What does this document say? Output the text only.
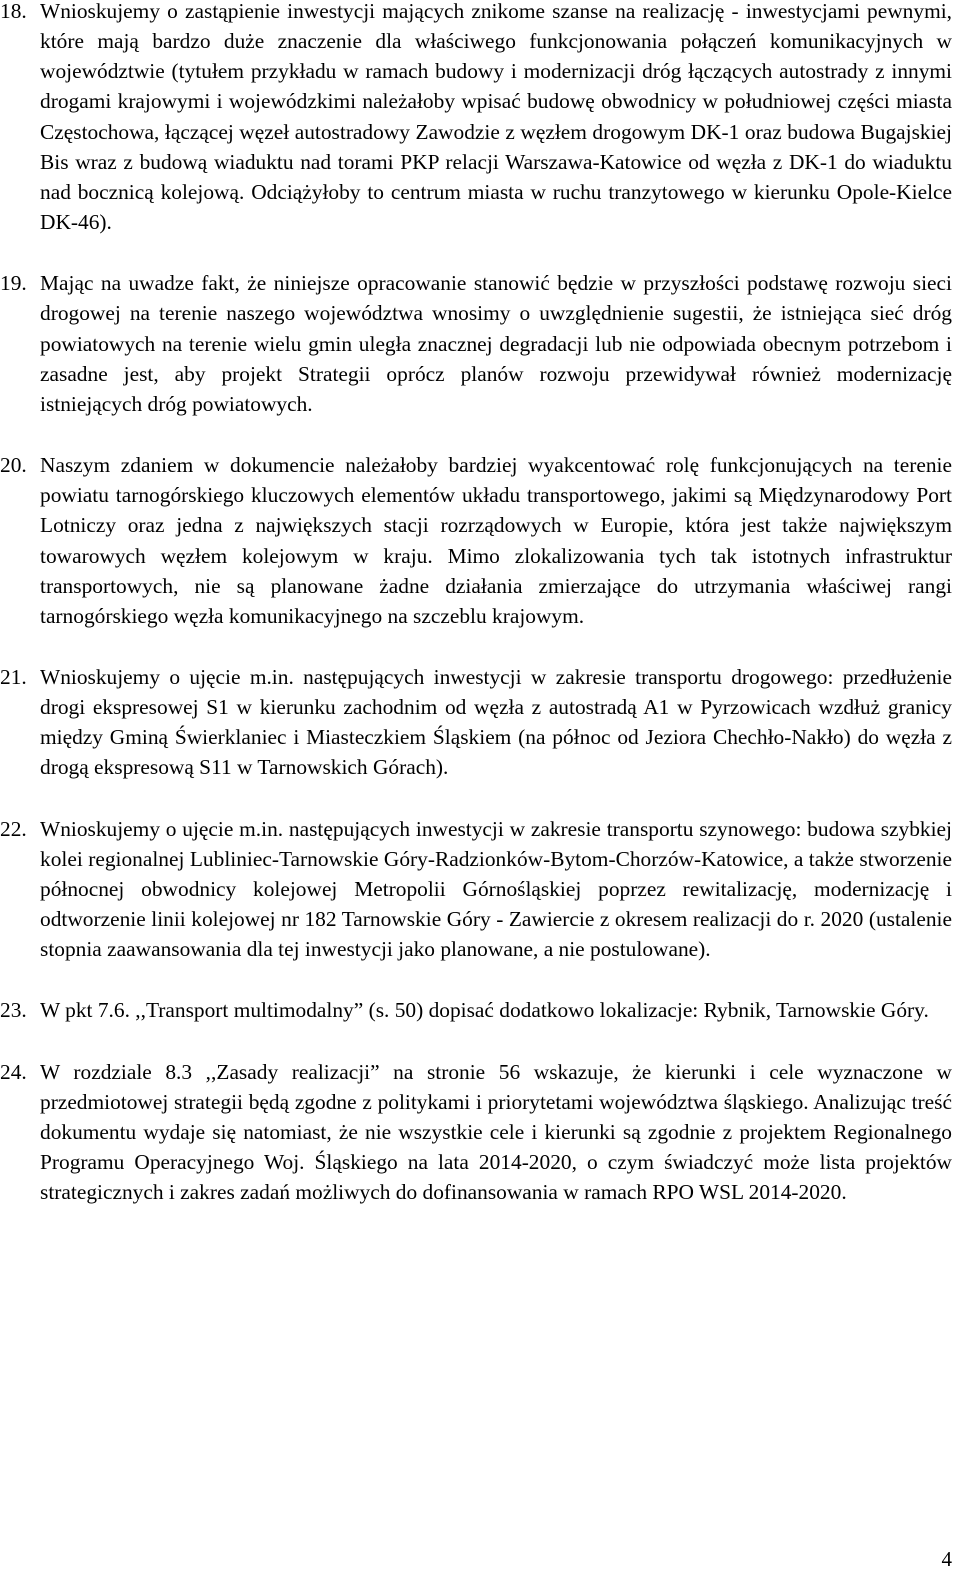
18. Wnioskujemy o zastąpienie inwestycji mających znikome szanse na realizację - inwestycjami pewnymi, które mają bardzo duże znaczenie dla właściwego funkcjonowania połączeń komunikacyjnych w województwie (tytułem przykładu w ramach budowy i modernizacji dróg łączących autostrady z innymi drogami krajowymi i wojewódzkimi należałoby wpisać budowę obwodnicy w południowej części miasta Częstochowa, łączącej węzeł autostradowy Zawodzie z węzłem drogowym DK-1 oraz budowa Bugajskiej Bis wraz z budową wiaduktu nad torami PKP relacji Warszawa-Katowice od węzła z DK-1 do wiaduktu nad bocznicą kolejową. Odciążyłoby to centrum miasta w ruchu tranzytowego w kierunku Opole-Kielce DK-46).
19. Mając na uwadze fakt, że niniejsze opracowanie stanowić będzie w przyszłości podstawę rozwoju sieci drogowej na terenie naszego województwa wnosimy o uwzględnienie sugestii, że istniejąca sieć dróg powiatowych na terenie wielu gmin uległa znacznej degradacji lub nie odpowiada obecnym potrzebom i zasadne jest, aby projekt Strategii oprócz planów rozwoju przewidywał również modernizację istniejących dróg powiatowych.
20. Naszym zdaniem w dokumencie należałoby bardziej wyakcentować rolę funkcjonujących na terenie powiatu tarnogórskiego kluczowych elementów układu transportowego, jakimi są Międzynarodowy Port Lotniczy oraz jedna z największych stacji rozrządowych w Europie, która jest także największym towarowych węzłem kolejowym w kraju. Mimo zlokalizowania tych tak istotnych infrastruktur transportowych, nie są planowane żadne działania zmierzające do utrzymania właściwej rangi tarnogórskiego węzła komunikacyjnego na szczeblu krajowym.
21. Wnioskujemy o ujęcie m.in. następujących inwestycji w zakresie transportu drogowego: przedłużenie drogi ekspresowej S1 w kierunku zachodnim od węzła z autostradą A1 w Pyrzowicach wzdłuż granicy między Gminą Świerklaniec i Miasteczkiem Śląskiem (na północ od Jeziora Chechło-Nakło) do węzła z drogą ekspresową S11 w Tarnowskich Górach).
22. Wnioskujemy o ujęcie m.in. następujących inwestycji w zakresie transportu szynowego: budowa szybkiej kolei regionalnej Lubliniec-Tarnowskie Góry-Radzionków-Bytom-Chorzów-Katowice, a także stworzenie północnej obwodnicy kolejowej Metropolii Górnośląskiej poprzez rewitalizację, modernizację i odtworzenie linii kolejowej nr 182 Tarnowskie Góry - Zawiercie z okresem realizacji do r. 2020 (ustalenie stopnia zaawansowania dla tej inwestycji jako planowane, a nie postulowane).
23. W pkt 7.6. ,,Transport multimodalny” (s. 50) dopisać dodatkowo lokalizacje: Rybnik, Tarnowskie Góry.
24. W rozdziale 8.3 ,,Zasady realizacji” na stronie 56 wskazuje, że kierunki i cele wyznaczone w przedmiotowej strategii będą zgodne z politykami i priorytetami województwa śląskiego. Analizując treść dokumentu wydaje się natomiast, że nie wszystkie cele i kierunki są zgodnie z projektem Regionalnego Programu Operacyjnego Woj. Śląskiego na lata 2014-2020, o czym świadczyć może lista projektów strategicznych i zakres zadań możliwych do dofinansowania w ramach RPO WSL 2014-2020.
4
